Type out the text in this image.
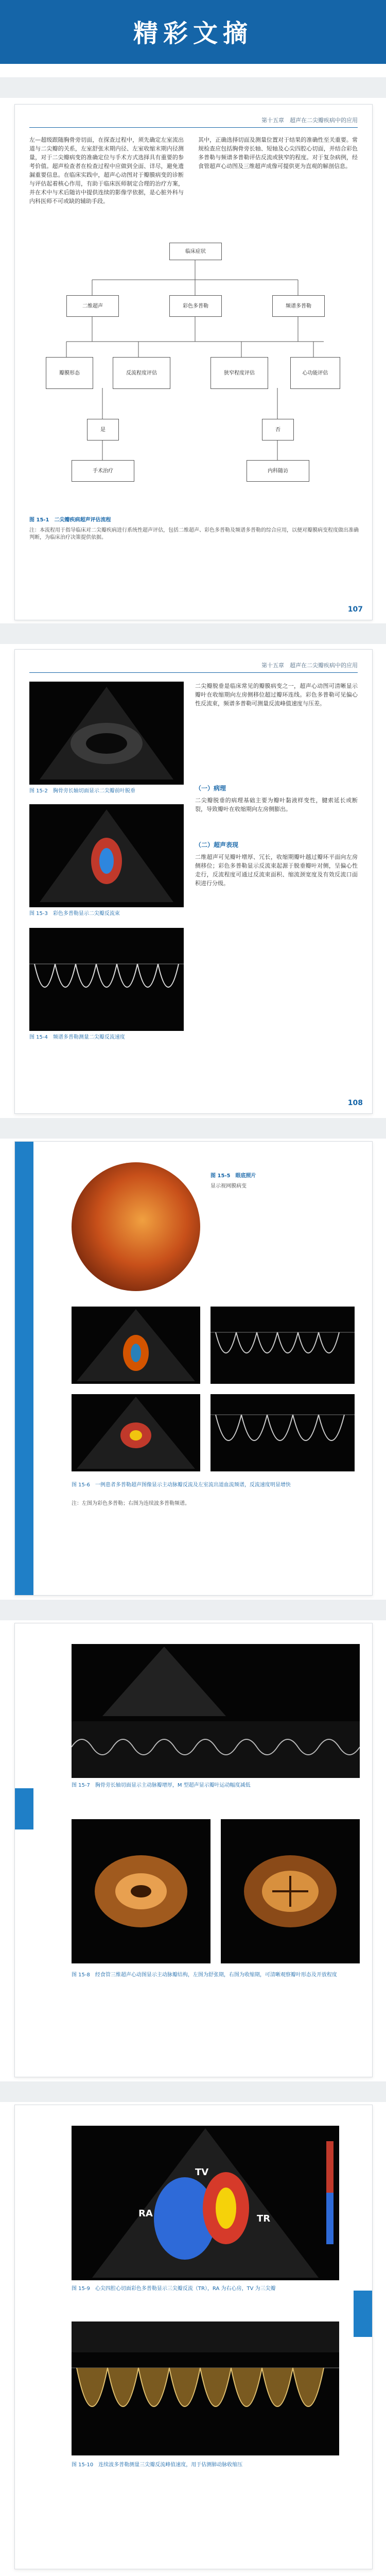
精彩文摘
第十五章　超声在二尖瓣疾病中的应用
左—超级跟随胸骨旁切面，在探查过程中，须先确定左室流出道与二尖瓣的关系，左室舒张末期内径、左室收缩末期内径测量，对于二尖瓣病变的准确定位与手术方式选择具有重要的参考价值。超声检查者在检查过程中应做到全面、详尽，避免遗漏重要信息。在临床实践中，超声心动图对于瓣膜病变的诊断与评估起着核心作用，有助于临床医师制定合理的治疗方案，并在术中与术后随访中提供连续的影像学依据，是心脏外科与内科医师不可或缺的辅助手段。
其中，正确选择切面及测量位置对于结果的准确性至关重要。常规检查应包括胸骨旁长轴、短轴及心尖四腔心切面，并结合彩色多普勒与频谱多普勒评估反流或狭窄的程度。对于复杂病例，经食管超声心动图及三维超声成像可提供更为直观的解剖信息。
临床症状
二维超声	彩色多普勒	频谱多普勒
瓣膜形态	反流程度评估	狭窄程度评估	心功能评估
是	否
手术治疗	内科随访
图 15-1　二尖瓣疾病超声评估流程
注：本流程用于指导临床对二尖瓣疾病进行系统性超声评估，包括二维超声、彩色多普勒及频谱多普勒的综合应用，以便对瓣膜病变程度做出准确判断，为临床治疗决策提供依据。
107
第十五章　超声在二尖瓣疾病中的应用
图 15-2　胸骨旁长轴切面显示二尖瓣前叶脱垂
图 15-3　彩色多普勒显示二尖瓣反流束
图 15-4　频谱多普勒测量二尖瓣反流速度
二尖瓣脱垂是临床常见的瓣膜病变之一，超声心动图可清晰显示瓣叶在收缩期向左房侧移位超过瓣环连线。彩色多普勒可见偏心性反流束，频谱多普勒可测量反流峰值速度与压差。
（一）病理
二尖瓣脱垂的病理基础主要为瓣叶黏液样变性，腱索延长或断裂，导致瓣叶在收缩期向左房侧膨出。
（二）超声表现
二维超声可见瓣叶增厚、冗长，收缩期瓣叶越过瓣环平面向左房侧移位；彩色多普勒显示反流束起源于脱垂瓣叶对侧，呈偏心性走行，反流程度可通过反流束面积、缩流颈宽度及有效反流口面积进行分级。
108
图 15-5　眼底照片
显示视网膜病变
图 15-6　一例患者多普勒超声图像显示主动脉瓣反流及左室流出道血流频谱，反流速度明显增快
注：左图为彩色多普勒；右图为连续波多普勒频谱。
图 15-7　胸骨旁长轴切面显示主动脉瓣增厚，M 型超声显示瓣叶运动幅度减低
图 15-8　经食管三维超声心动图显示主动脉瓣结构，左图为舒张期，右图为收缩期，可清晰观察瓣叶形态及开放程度
RA
TV
TR
图 15-9　心尖四腔心切面彩色多普勒显示三尖瓣反流（TR），RA 为右心房，TV 为三尖瓣
图 15-10　连续波多普勒测量三尖瓣反流峰值速度，用于估测肺动脉收缩压
